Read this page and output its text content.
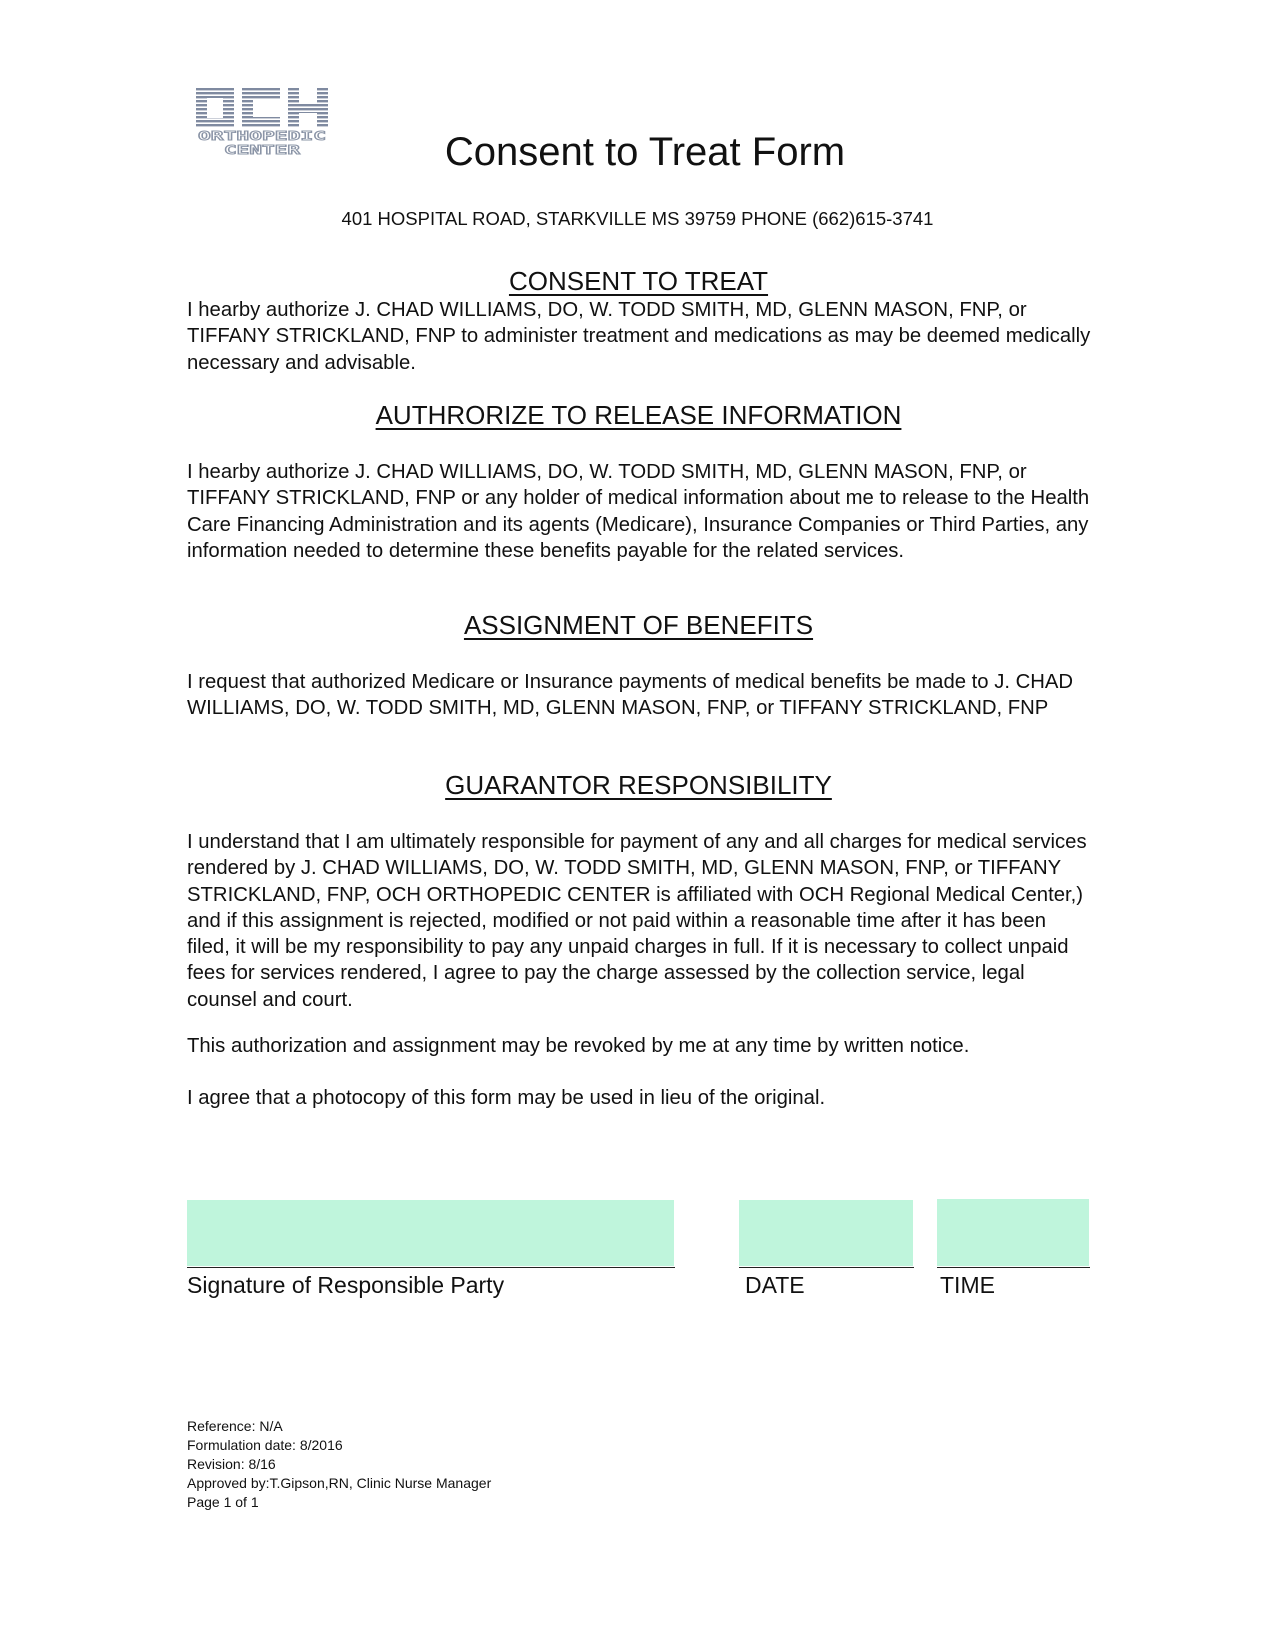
ORTHOPEDIC
CENTER	Consent to Treat Form
401 HOSPITAL ROAD, STARKVILLE MS 39759 PHONE (662)615-3741
CONSENT TO TREAT
I hearby authorize J. CHAD WILLIAMS, DO, W. TODD SMITH, MD, GLENN MASON, FNP, or TIFFANY STRICKLAND, FNP to administer treatment and medications as may be deemed medically necessary and advisable.
AUTHRORIZE TO RELEASE INFORMATION
I hearby authorize J. CHAD WILLIAMS, DO, W. TODD SMITH, MD, GLENN MASON, FNP, or TIFFANY STRICKLAND, FNP or any holder of medical information about me to release to the Health Care Financing Administration and its agents (Medicare), Insurance Companies or Third Parties, any information needed to determine these benefits payable for the related services.
ASSIGNMENT OF BENEFITS
I request that authorized Medicare or Insurance payments of medical benefits be made to J. CHAD WILLIAMS, DO, W. TODD SMITH, MD, GLENN MASON, FNP, or TIFFANY STRICKLAND, FNP
GUARANTOR RESPONSIBILITY
I understand that I am ultimately responsible for payment of any and all charges for medical services rendered by J. CHAD WILLIAMS, DO, W. TODD SMITH, MD, GLENN MASON, FNP, or TIFFANY STRICKLAND, FNP, OCH ORTHOPEDIC CENTER is affiliated with OCH Regional Medical Center,) and if this assignment is rejected, modified or not paid within a reasonable time after it has been filed, it will be my responsibility to pay any unpaid charges in full. If it is necessary to collect unpaid fees for services rendered, I agree to pay the charge assessed by the collection service, legal counsel and court.
This authorization and assignment may be revoked by me at any time by written notice.
I agree that a photocopy of this form may be used in lieu of the original.
Signature of Responsible Party	DATE	TIME
Reference: N/A
Formulation date: 8/2016
Revision: 8/16
Approved by:T.Gipson,RN, Clinic Nurse Manager
Page 1 of 1
